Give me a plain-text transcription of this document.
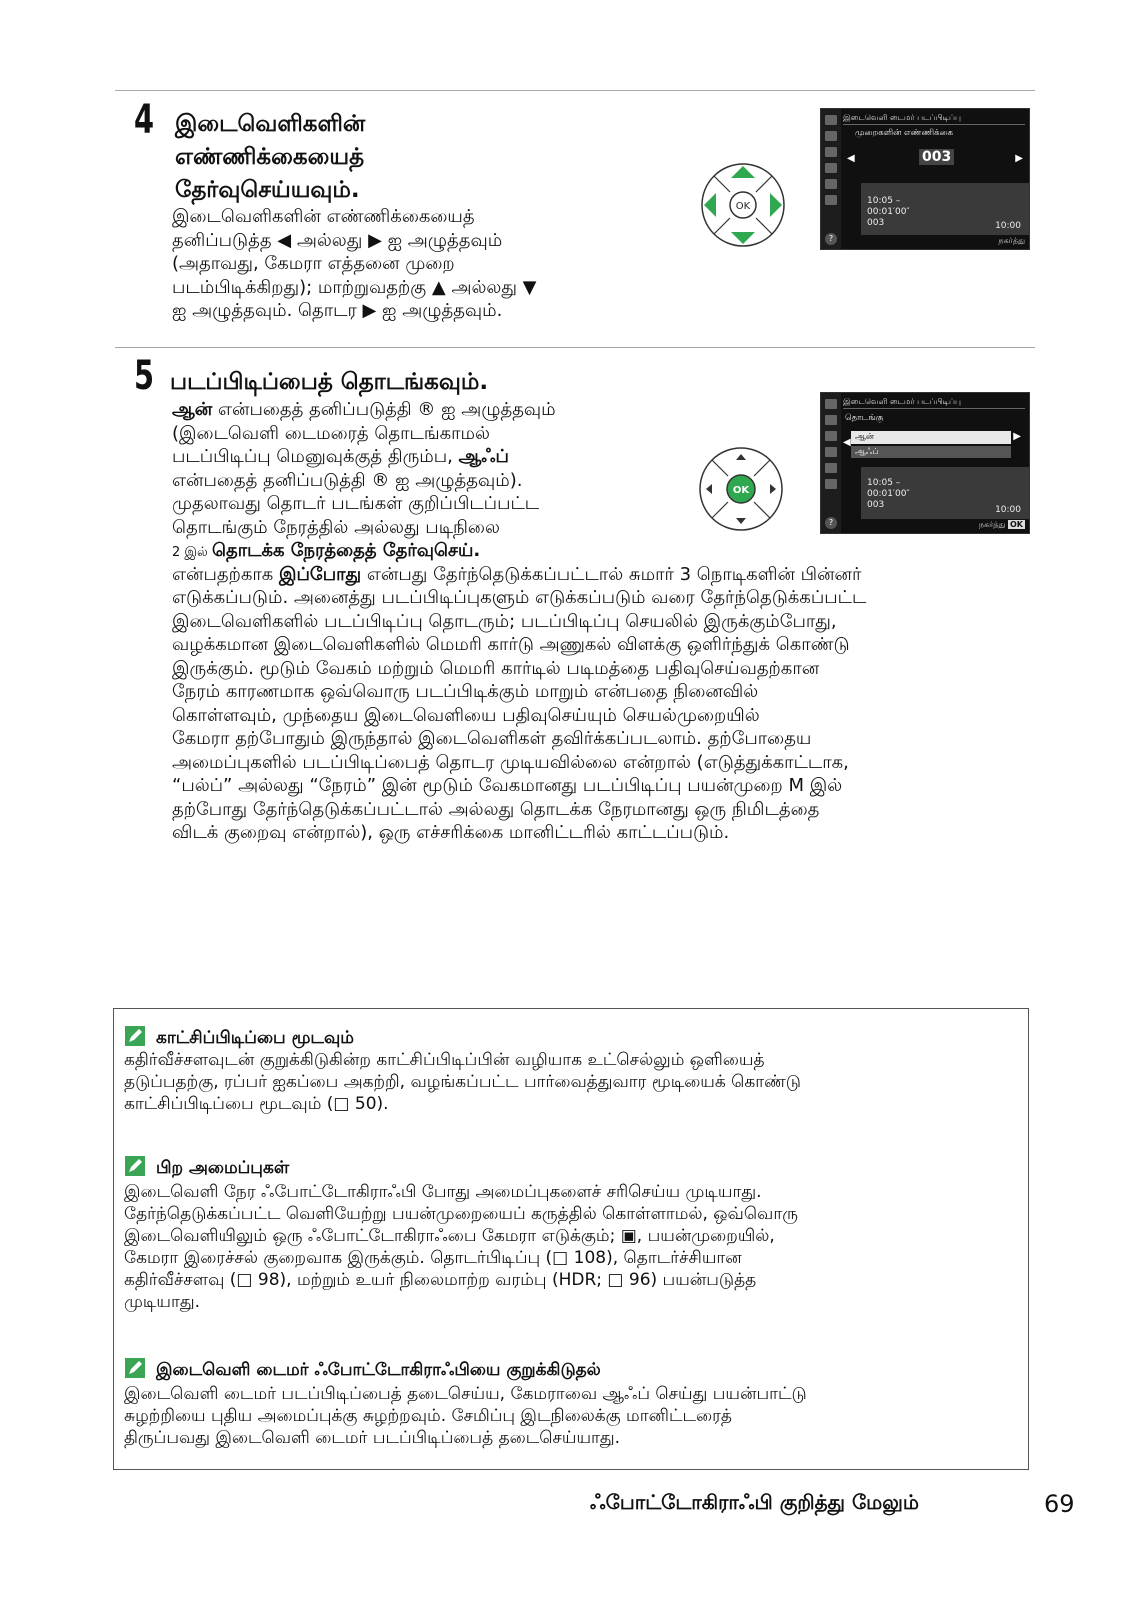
4 இடைவெளிகளின்
எண்ணிக்கையைத்
தேர்வுசெய்யவும்.
இடைவெளிகளின் எண்ணிக்கையைத்
தனிப்படுத்த ◀ அல்லது ▶ ஐ அழுத்தவும்
(அதாவது, கேமரா எத்தனை முறை
படம்பிடிக்கிறது); மாற்றுவதற்கு ▲ அல்லது ▼
ஐ அழுத்தவும். தொடர ▶ ஐ அழுத்தவும்.
OK
இடைவெளி டைமர் படப்பிடிப்பு
முறைகளின் எண்ணிக்கை
◀	▶
003
10:05 –
00:01′00″
003	10:00
?	நகர்த்து
5 படப்பிடிப்பைத் தொடங்கவும்.
ஆன் என்பதைத் தனிப்படுத்தி ® ஐ அழுத்தவும்
(இடைவெளி டைமரைத் தொடங்காமல்
படப்பிடிப்பு மெனுவுக்குத் திரும்ப, ஆஃப்
என்பதைத் தனிப்படுத்தி ® ஐ அழுத்தவும்).
முதலாவது தொடர் படங்கள் குறிப்பிடப்பட்ட
தொடங்கும் நேரத்தில் அல்லது படிநிலை
2 இல் தொடக்க நேரத்தைத் தேர்வுசெய்.
என்பதற்காக இப்போது என்பது தேர்ந்தெடுக்கப்பட்டால் சுமார் 3 நொடிகளின் பின்னர்
எடுக்கப்படும். அனைத்து படப்பிடிப்புகளும் எடுக்கப்படும் வரை தேர்ந்தெடுக்கப்பட்ட
இடைவெளிகளில் படப்பிடிப்பு தொடரும்; படப்பிடிப்பு செயலில் இருக்கும்போது,
வழக்கமான இடைவெளிகளில் மெமரி கார்டு அணுகல் விளக்கு ஒளிர்ந்துக் கொண்டு
இருக்கும். மூடும் வேகம் மற்றும் மெமரி கார்டில் படிமத்தை பதிவுசெய்வதற்கான
நேரம் காரணமாக ஒவ்வொரு படப்பிடிக்கும் மாறும் என்பதை நினைவில்
கொள்ளவும், முந்தைய இடைவெளியை பதிவுசெய்யும் செயல்முறையில்
கேமரா தற்போதும் இருந்தால் இடைவெளிகள் தவிர்க்கப்படலாம். தற்போதைய
அமைப்புகளில் படப்பிடிப்பைத் தொடர முடியவில்லை என்றால் (எடுத்துக்காட்டாக,
“பல்ப்” அல்லது “நேரம்” இன் மூடும் வேகமானது படப்பிடிப்பு பயன்முறை M இல்
தற்போது தேர்ந்தெடுக்கப்பட்டால் அல்லது தொடக்க நேரமானது ஒரு நிமிடத்தை
விடக் குறைவு என்றால்), ஒரு எச்சரிக்கை மானிட்டரில் காட்டப்படும்.
OK
இடைவெளி டைமர் படப்பிடிப்பு
தொடங்கு
ஆன்	▶
◀
ஆஃப்
10:05 –
00:01′00″
003	10:00
?	நகர்த்து OK
காட்சிப்பிடிப்பை மூடவும்
கதிர்வீச்சளவுடன் குறுக்கிடுகின்ற காட்சிப்பிடிப்பின் வழியாக உட்செல்லும் ஒளியைத்
தடுப்பதற்கு, ரப்பர் ஐகப்பை அகற்றி, வழங்கப்பட்ட பார்வைத்துவார மூடியைக் கொண்டு
காட்சிப்பிடிப்பை மூடவும் (□ 50).
பிற அமைப்புகள்
இடைவெளி நேர ஃபோட்டோகிராஃபி போது அமைப்புகளைச் சரிசெய்ய முடியாது.
தேர்ந்தெடுக்கப்பட்ட வெளியேற்று பயன்முறையைப் கருத்தில் கொள்ளாமல், ஒவ்வொரு
இடைவெளியிலும் ஒரு ஃபோட்டோகிராஃபை கேமரா எடுக்கும்; ▣, பயன்முறையில்,
கேமரா இரைச்சல் குறைவாக இருக்கும். தொடர்பிடிப்பு (□ 108), தொடர்ச்சியான
கதிர்வீச்சளவு (□ 98), மற்றும் உயர் நிலைமாற்ற வரம்பு (HDR; □ 96) பயன்படுத்த
முடியாது.
இடைவெளி டைமர் ஃபோட்டோகிராஃபியை குறுக்கிடுதல்
இடைவெளி டைமர் படப்பிடிப்பைத் தடைசெய்ய, கேமராவை ஆஃப் செய்து பயன்பாட்டு
சுழற்றியை புதிய அமைப்புக்கு சுழற்றவும். சேமிப்பு இடநிலைக்கு மானிட்டரைத்
திருப்பவது இடைவெளி டைமர் படப்பிடிப்பைத் தடைசெய்யாது.
ஃபோட்டோகிராஃபி குறித்து மேலும்	69
